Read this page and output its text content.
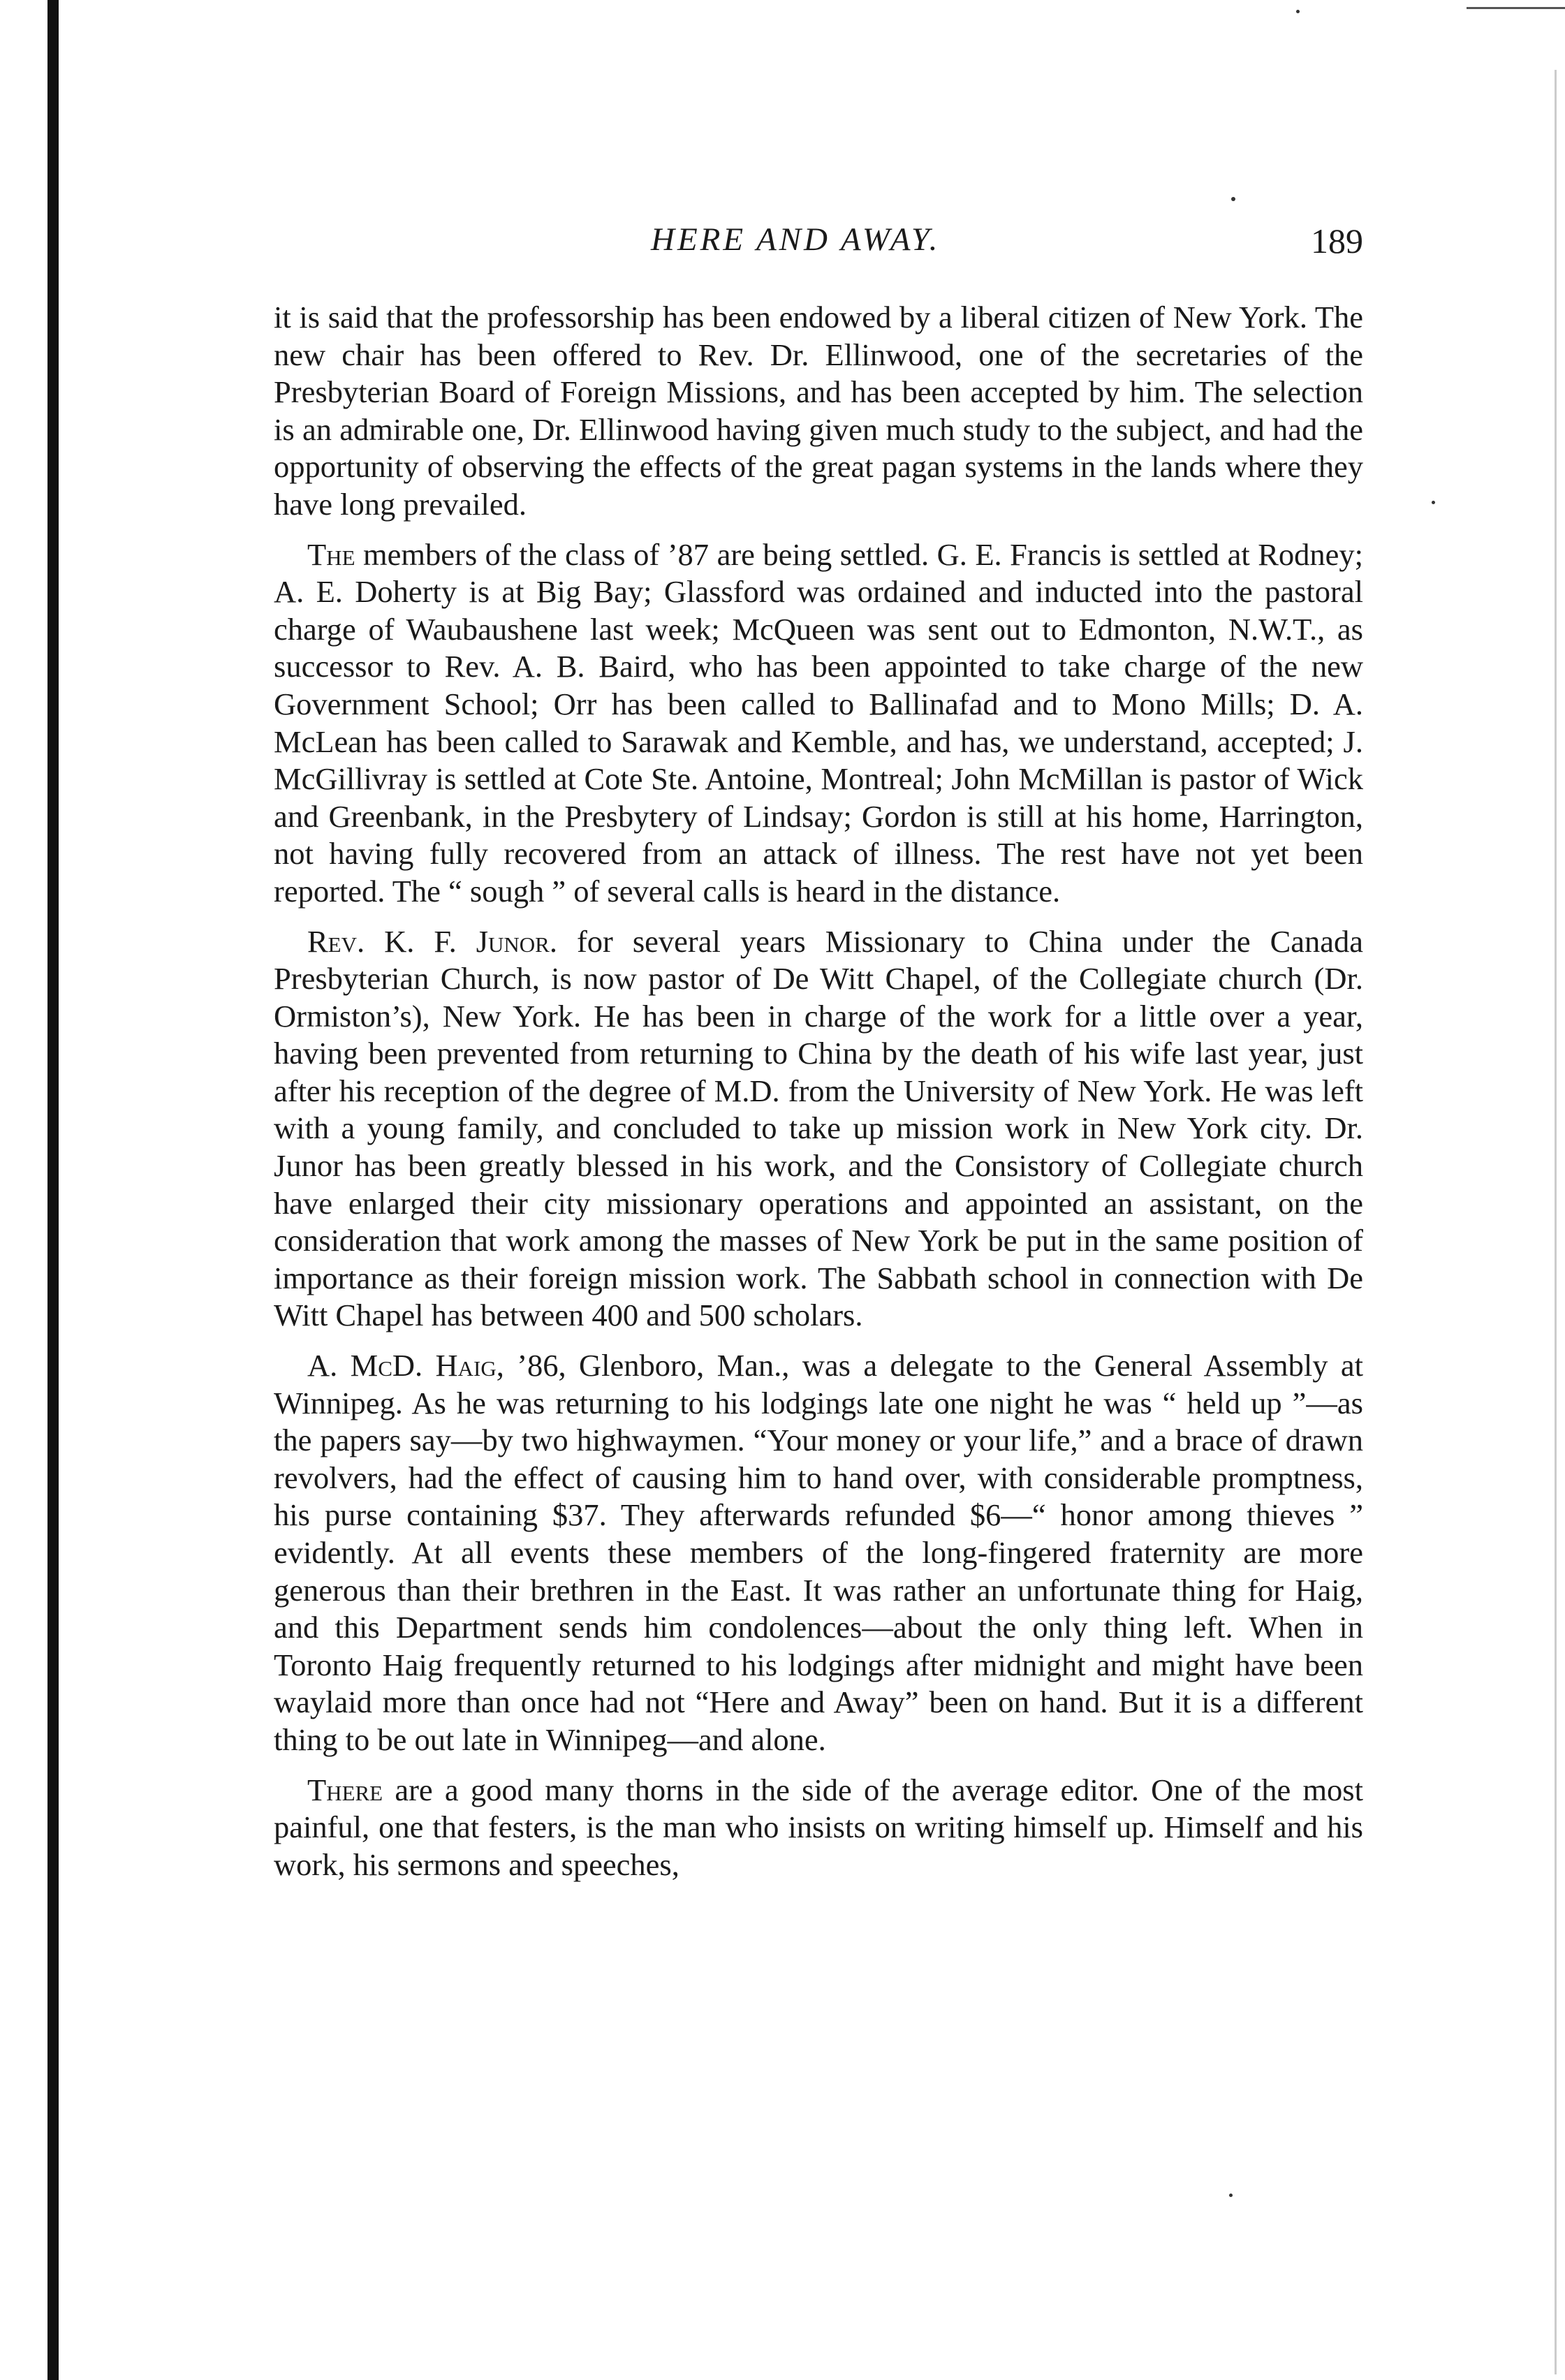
HERE AND AWAY.	189

it is said that the professorship has been endowed by a liberal citizen of New York. The new chair has been offered to Rev. Dr. Ellinwood, one of the secretaries of the Presbyterian Board of Foreign Missions, and has been accepted by him. The selection is an admirable one, Dr. Ellinwood having given much study to the subject, and had the opportunity of observing the effects of the great pagan systems in the lands where they have long prevailed.

The members of the class of ’87 are being settled. G. E. Francis is settled at Rodney; A. E. Doherty is at Big Bay; Glassford was ordained and inducted into the pastoral charge of Waubaushene last week; McQueen was sent out to Edmonton, N.W.T., as successor to Rev. A. B. Baird, who has been appointed to take charge of the new Government School; Orr has been called to Ballinafad and to Mono Mills; D. A. McLean has been called to Sarawak and Kemble, and has, we understand, accepted; J. McGillivray is settled at Cote Ste. Antoine, Montreal; John McMillan is pastor of Wick and Greenbank, in the Presbytery of Lindsay; Gordon is still at his home, Harrington, not having fully recovered from an attack of illness. The rest have not yet been reported. The “ sough ” of several calls is heard in the distance.

Rev. K. F. Junor. for several years Missionary to China under the Canada Presbyterian Church, is now pastor of De Witt Chapel, of the Collegiate church (Dr. Ormiston’s), New York. He has been in charge of the work for a little over a year, having been prevented from returning to China by the death of his wife last year, just after his reception of the degree of M.D. from the University of New York. He was left with a young family, and concluded to take up mission work in New York city. Dr. Junor has been greatly blessed in his work, and the Consistory of Collegiate church have enlarged their city missionary operations and appointed an assistant, on the consideration that work among the masses of New York be put in the same position of importance as their foreign mission work. The Sabbath school in connection with De Witt Chapel has between 400 and 500 scholars.

A. McD. Haig, ’86, Glenboro, Man., was a delegate to the General Assembly at Winnipeg. As he was returning to his lodgings late one night he was “ held up ”—as the papers say—by two highwaymen. “Your money or your life,” and a brace of drawn revolvers, had the effect of causing him to hand over, with considerable promptness, his purse containing $37. They afterwards refunded $6—“ honor among thieves ” evidently. At all events these members of the long-fingered fraternity are more generous than their brethren in the East. It was rather an unfortunate thing for Haig, and this Department sends him condolences—about the only thing left. When in Toronto Haig frequently returned to his lodgings after midnight and might have been waylaid more than once had not “Here and Away” been on hand. But it is a different thing to be out late in Winnipeg—and alone.

There are a good many thorns in the side of the average editor. One of the most painful, one that festers, is the man who insists on writing himself up. Himself and his work, his sermons and speeches,
